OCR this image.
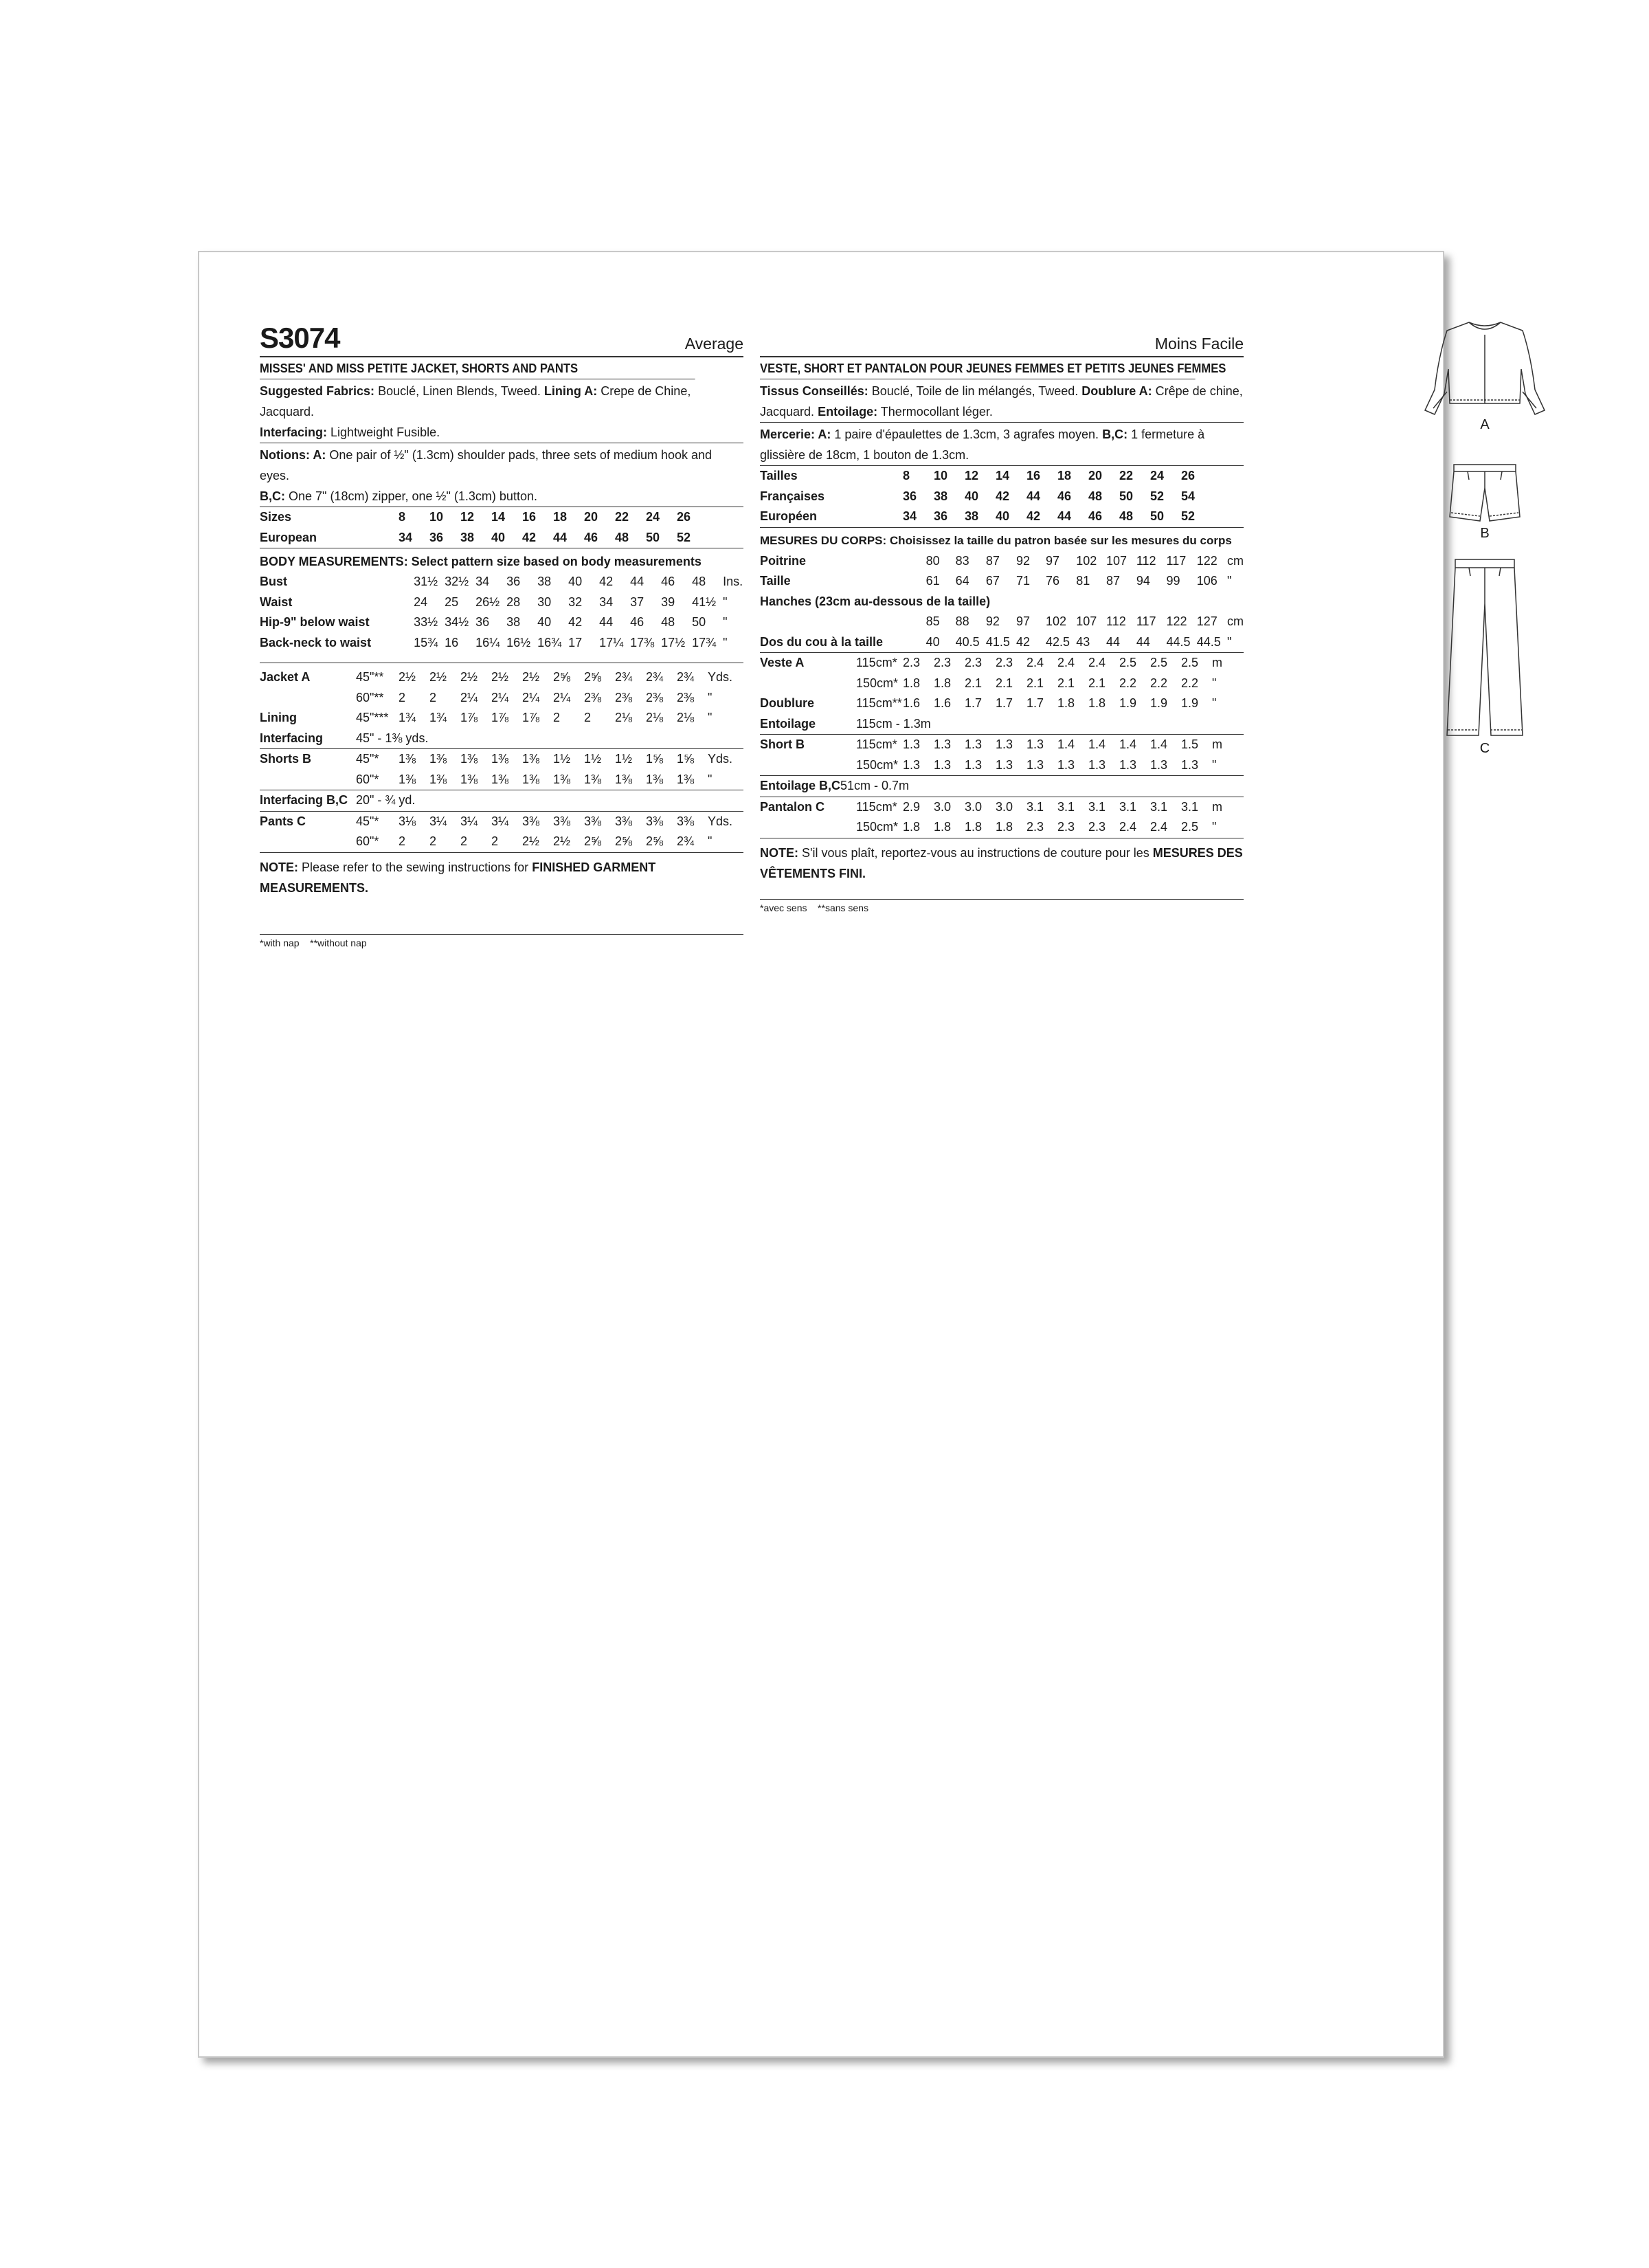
S3074	Average
MISSES' AND MISS PETITE JACKET, SHORTS AND PANTS
Suggested Fabrics: Bouclé, Linen Blends, Tweed. Lining A: Crepe de Chine, Jacquard.
Interfacing: Lightweight Fusible.
Notions: A: One pair of ½" (1.3cm) shoulder pads, three sets of medium hook and eyes.
B,C: One 7" (18cm) zipper, one ½" (1.3cm) button.
Sizes		8	10	12	14	16	18	20	22	24	26	
European		34	36	38	40	42	44	46	48	50	52	
BODY MEASUREMENTS: Select pattern size based on body measurements
Bust		31½	32½	34	36	38	40	42	44	46	48	Ins.
Waist		24	25	26½	28	30	32	34	37	39	41½	"
Hip-9" below waist		33½	34½	36	38	40	42	44	46	48	50	"
Back-neck to waist		15¾	16	16¼	16½	16¾	17	17¼	17⅜	17½	17¾	"
Jacket A	45"**	2½	2½	2½	2½	2½	2⅝	2⅝	2¾	2¾	2¾	Yds.
	60"**	2	2	2¼	2¼	2¼	2¼	2⅜	2⅜	2⅜	2⅜	"
Lining	45"***	1¾	1¾	1⅞	1⅞	1⅞	2	2	2⅛	2⅛	2⅛	"
Interfacing	45" - 1⅜ yds.											
Shorts B	45"*	1⅜	1⅜	1⅜	1⅜	1⅜	1½	1½	1½	1⅝	1⅝	Yds.
	60"*	1⅜	1⅜	1⅜	1⅜	1⅜	1⅜	1⅜	1⅜	1⅜	1⅜	"
Interfacing B,C	20" - ¾ yd.
Pants C	45"*	3⅛	3¼	3¼	3¼	3⅜	3⅜	3⅜	3⅜	3⅜	3⅜	Yds.
	60"*	2	2	2	2	2½	2½	2⅝	2⅝	2⅝	2¾	"
NOTE: Please refer to the sewing instructions for FINISHED GARMENT MEASUREMENTS.
*with nap    **without nap
Moins Facile
VESTE, SHORT ET PANTALON POUR JEUNES FEMMES ET PETITS JEUNES FEMMES
Tissus Conseillés: Bouclé, Toile de lin mélangés, Tweed. Doublure A: Crêpe de chine, Jacquard. Entoilage: Thermocollant léger.
Mercerie: A: 1 paire d'épaulettes de 1.3cm, 3 agrafes moyen. B,C: 1 fermeture à glissière de 18cm, 1 bouton de 1.3cm.
Tailles		8	10	12	14	16	18	20	22	24	26	
Françaises		36	38	40	42	44	46	48	50	52	54	
Européen		34	36	38	40	42	44	46	48	50	52	
MESURES DU CORPS: Choisissez la taille du patron basée sur les mesures du corps
Poitrine		80	83	87	92	97	102	107	112	117	122	cm
Taille		61	64	67	71	76	81	87	94	99	106	"
Hanches (23cm au-dessous de la taille)												
		85	88	92	97	102	107	112	117	122	127	cm
Dos du cou à la taille		40	40.5	41.5	42	42.5	43	44	44	44.5	44.5	"
Veste A	115cm*	2.3	2.3	2.3	2.3	2.4	2.4	2.4	2.5	2.5	2.5	m
	150cm*	1.8	1.8	2.1	2.1	2.1	2.1	2.1	2.2	2.2	2.2	"
Doublure	115cm**	1.6	1.6	1.7	1.7	1.7	1.8	1.8	1.9	1.9	1.9	"
Entoilage	115cm - 1.3m											
Short B	115cm*	1.3	1.3	1.3	1.3	1.3	1.4	1.4	1.4	1.4	1.5	m
	150cm*	1.3	1.3	1.3	1.3	1.3	1.3	1.3	1.3	1.3	1.3	"
Entoilage B,C	51cm - 0.7m
Pantalon C	115cm*	2.9	3.0	3.0	3.0	3.1	3.1	3.1	3.1	3.1	3.1	m
	150cm*	1.8	1.8	1.8	1.8	2.3	2.3	2.3	2.4	2.4	2.5	"
NOTE: S'il vous plaît, reportez-vous au instructions de couture pour les MESURES DES VÊTEMENTS FINI.
*avec sens    **sans sens
A
B
C
